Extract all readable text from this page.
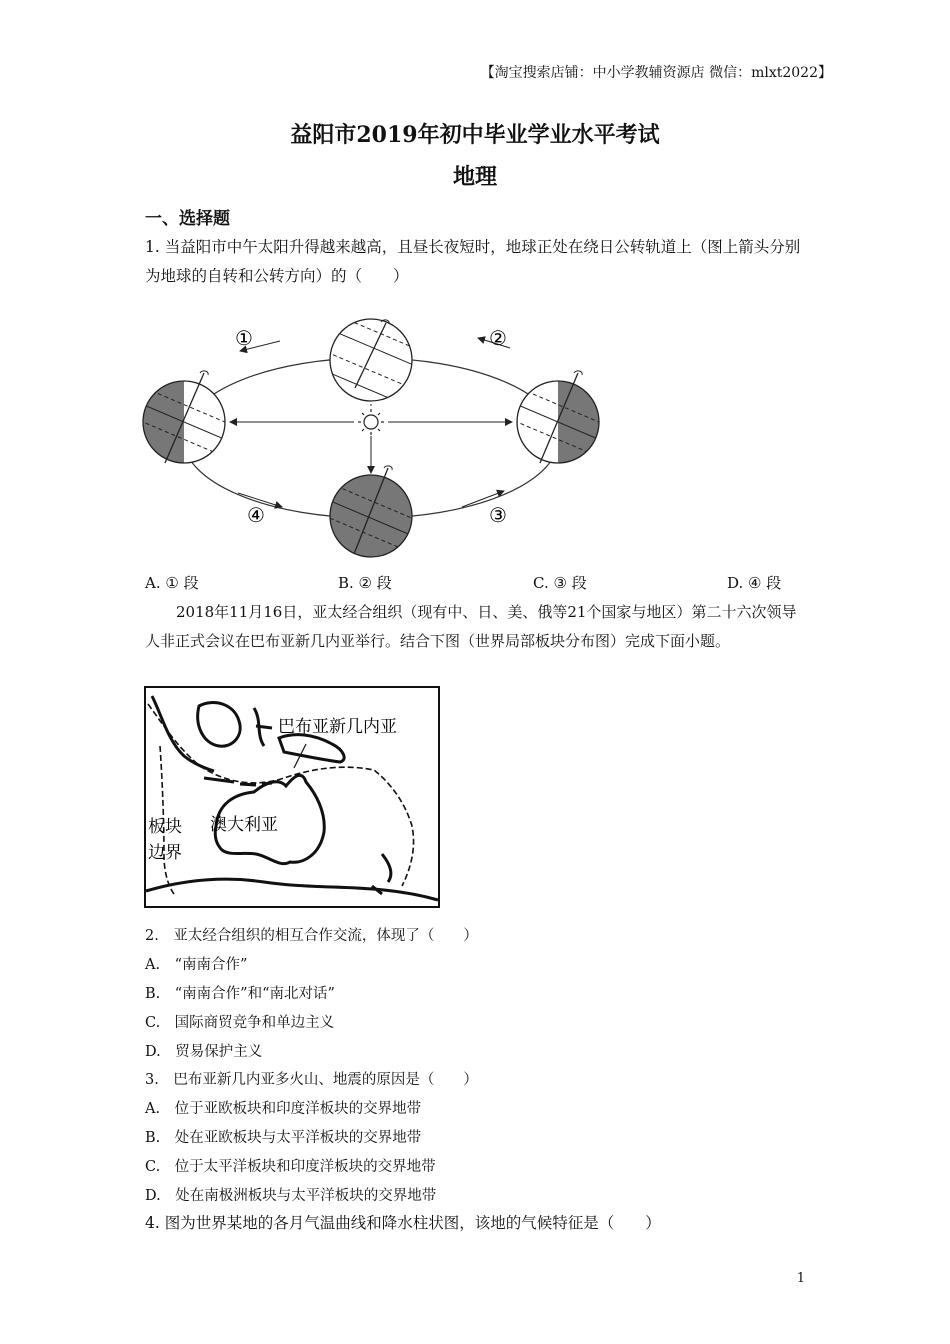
【淘宝搜索店铺：中小学教辅资源店 微信：mlxt2022】
益阳市2019年初中毕业学业水平考试
地理
一、选择题
1. 当益阳市中午太阳升得越来越高，且昼长夜短时，地球正处在绕日公转轨道上（图上箭头分别为地球的自转和公转方向）的（　　）
①	②
③
④
A. ① 段	B. ② 段	C. ③ 段	D. ④ 段
2018年11月16日，亚太经合组织（现有中、日、美、俄等21个国家与地区）第二十六次领导人非正式会议在巴布亚新几内亚举行。结合下图（世界局部板块分布图）完成下面小题。
巴布亚新几内亚
澳大利亚
板块
边界
2.　亚太经合组织的相互合作交流，体现了（　　）
A.　“南南合作”
B.　“南南合作”和“南北对话”
C.　国际商贸竞争和单边主义
D.　贸易保护主义
3.　巴布亚新几内亚多火山、地震的原因是（　　）
A.　位于亚欧板块和印度洋板块的交界地带
B.　处在亚欧板块与太平洋板块的交界地带
C.　位于太平洋板块和印度洋板块的交界地带
D.　处在南极洲板块与太平洋板块的交界地带
4. 图为世界某地的各月气温曲线和降水柱状图，该地的气候特征是（　　）
1
